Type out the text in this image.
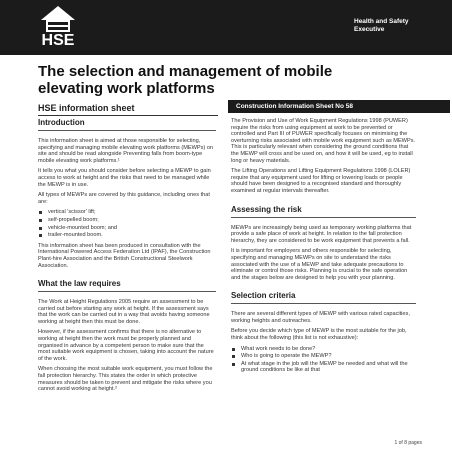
HSE
Health and Safety
Executive
The selection and management of mobile elevating work platforms
HSE information sheet	Construction Information Sheet No 58
Introduction

This information sheet is aimed at those responsible for selecting, specifying and managing mobile elevating work platforms (MEWPs) on site and should be read alongside Preventing falls from boom-type mobile elevating work platforms.¹

It tells you what you should consider before selecting a MEWP to gain access to work at height and the risks that need to be managed while the MEWP is in use.

All types of MEWPs are covered by this guidance, including ones that are:

vertical 'scissor' lift;
self-propelled boom;
vehicle-mounted boom; and
trailer-mounted boom.

This information sheet has been produced in consultation with the International Powered Access Federation Ltd (IPAF), the Construction Plant-hire Association and the British Constructional Steelwork Association.

What the law requires

The Work at Height Regulations 2005 require an assessment to be carried out before starting any work at height. If the assessment says that the work can be carried out in a way that avoids having someone working at height then this must be done.

However, if the assessment confirms that there is no alternative to working at height then the work must be properly planned and organised in advance by a competent person to make sure that the most suitable work equipment is chosen, taking into account the nature of the work.

When choosing the most suitable work equipment, you must follow the fall protection hierarchy. This states the order in which protective measures should be taken to prevent and mitigate the risks where you cannot avoid working at height.²

The Provision and Use of Work Equipment Regulations 1998 (PUWER) require the risks from using equipment at work to be prevented or controlled and Part III of PUWER specifically focuses on minimising the overturning risks associated with mobile work equipment such as MEWPs. This is particularly relevant when considering the ground conditions that the MEWP will cross and be used on, and how it will be used, eg to install long or heavy materials.

The Lifting Operations and Lifting Equipment Regulations 1998 (LOLER) require that any equipment used for lifting or lowering loads or people should have been designed to a recognised standard and thoroughly examined at regular intervals thereafter.

Assessing the risk

MEWPs are increasingly being used as temporary working platforms that provide a safe place of work at height. In relation to the fall protection hierarchy, they are considered to be work equipment that prevents a fall.

It is important for employers and others responsible for selecting, specifying and managing MEWPs on site to understand the risks associated with the use of a MEWP and take adequate precautions to eliminate or control those risks. Planning is crucial to the safe operation and the stages below are designed to help you with your planning.

Selection criteria

There are several different types of MEWP with various rated capacities, working heights and outreaches.

Before you decide which type of MEWP is the most suitable for the job, think about the following (this list is not exhaustive):

What work needs to be done?
Who is going to operate the MEWP?
At what stage in the job will the MEWP be needed and what will the ground conditions be like at that
1 of 8 pages
